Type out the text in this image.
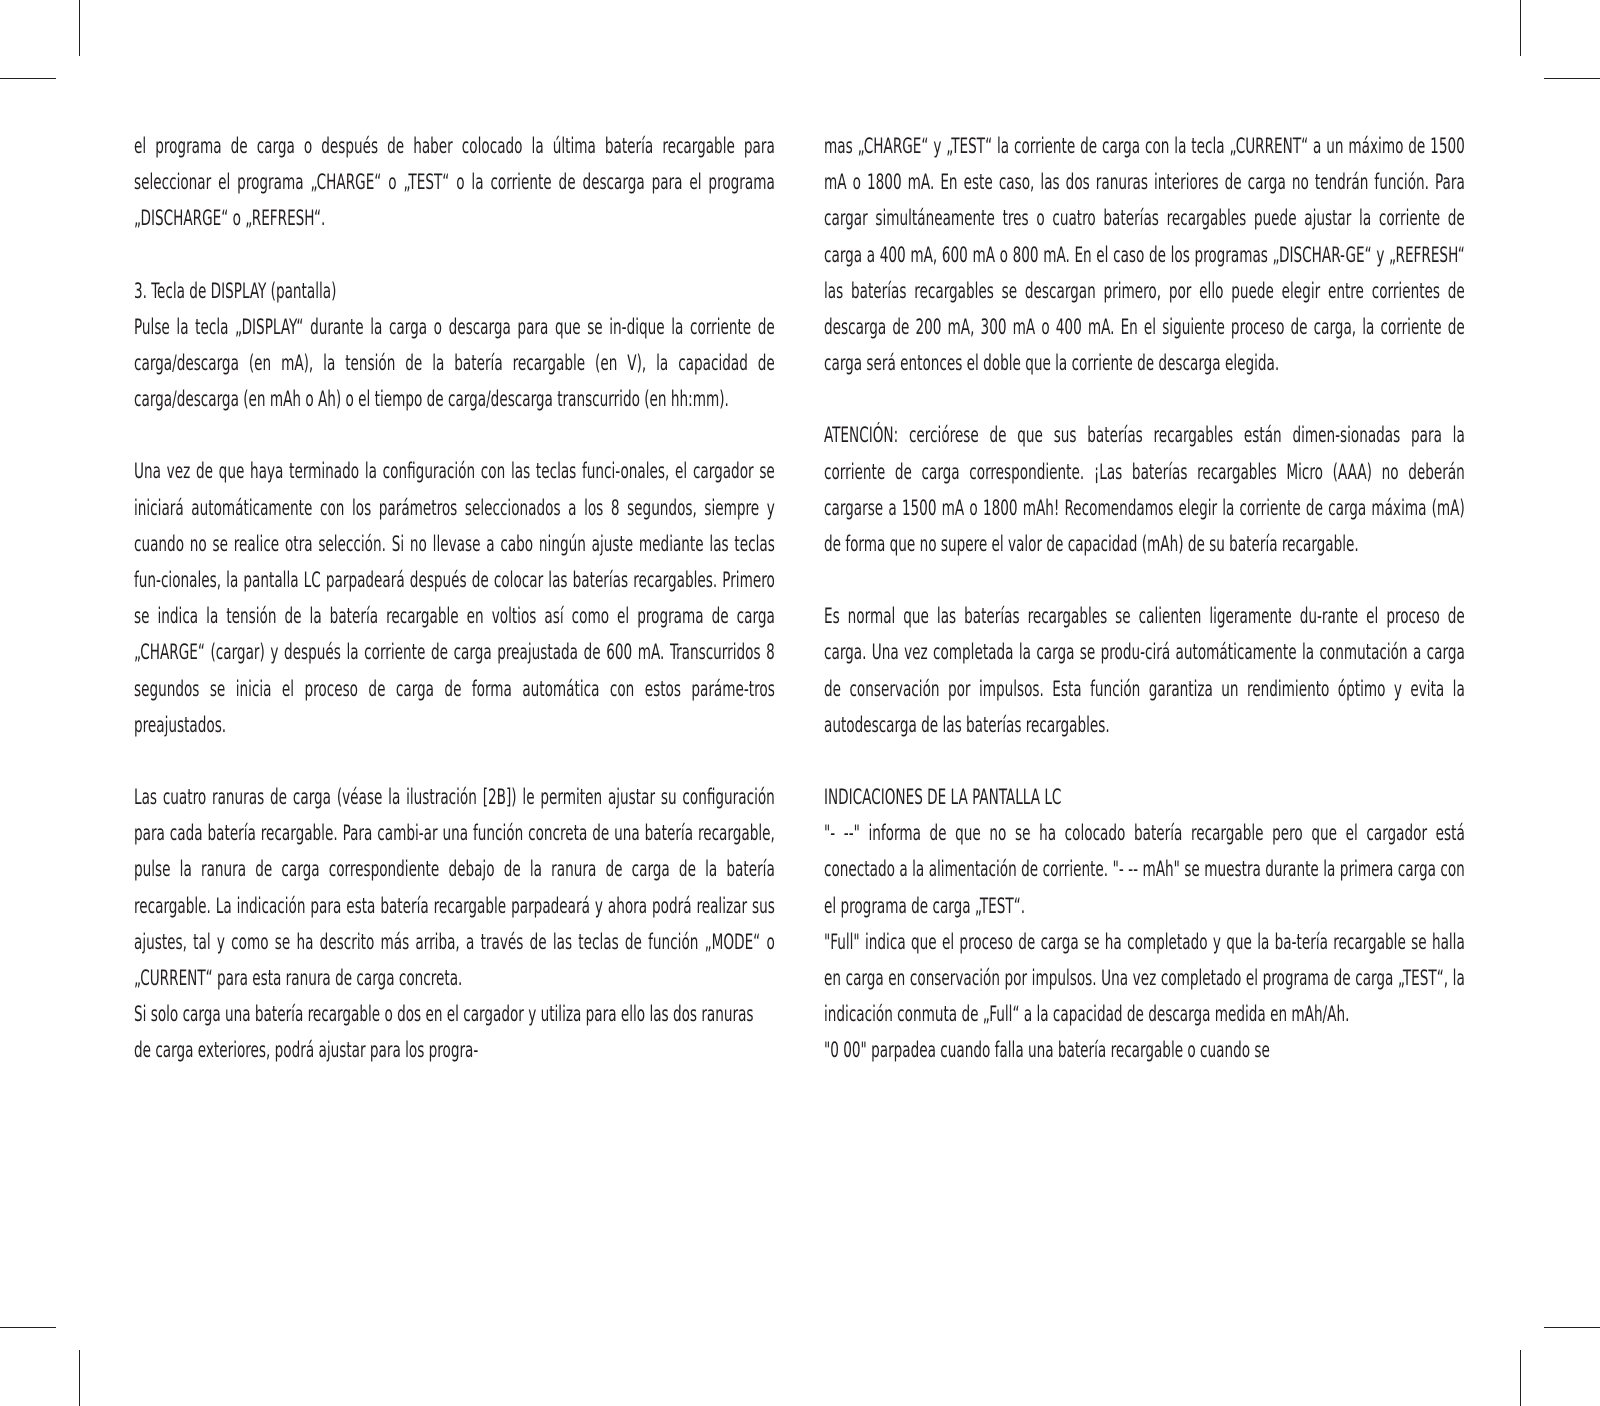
el programa de carga o después de haber colocado la última batería recargable para seleccionar el programa „CHARGE“ o „TEST“ o la corriente de descarga para el programa „DISCHARGE“ o „REFRESH“.

3. Tecla de DISPLAY (pantalla)

Pulse la tecla „DISPLAY“ durante la carga o descarga para que se in-dique la corriente de carga/descarga (en mA), la tensión de la batería recargable (en V), la capacidad de carga/descarga (en mAh o Ah) o el tiempo de carga/descarga transcurrido (en hh:mm).

Una vez de que haya terminado la configuración con las teclas funci-onales, el cargador se iniciará automáticamente con los parámetros seleccionados a los 8 segundos, siempre y cuando no se realice otra selección. Si no llevase a cabo ningún ajuste mediante las teclas fun-cionales, la pantalla LC parpadeará después de colocar las baterías recargables. Primero se indica la tensión de la batería recargable en voltios así como el programa de carga „CHARGE“ (cargar) y después la corriente de carga preajustada de 600 mA. Transcurridos 8 segundos se inicia el proceso de carga de forma automática con estos paráme-tros preajustados.

Las cuatro ranuras de carga (véase la ilustración [2B]) le permiten ajustar su configuración para cada batería recargable. Para cambi-ar una función concreta de una batería recargable, pulse la ranura de carga correspondiente debajo de la ranura de carga de la batería recargable. La indicación para esta batería recargable parpadeará y ahora podrá realizar sus ajustes, tal y como se ha descrito más arriba, a través de las teclas de función „MODE“ o „CURRENT“ para esta ranura de carga concreta.

Si solo carga una batería recargable o dos en el cargador y utiliza para ello las dos ranuras de carga exteriores, podrá ajustar para los progra-

mas „CHARGE“ y „TEST“ la corriente de carga con la tecla „CURRENT“ a un máximo de 1500 mA o 1800 mA. En este caso, las dos ranuras interiores de carga no tendrán función. Para cargar simultáneamente tres o cuatro baterías recargables puede ajustar la corriente de carga a 400 mA, 600 mA o 800 mA. En el caso de los programas „DISCHAR-GE“ y „REFRESH“ las baterías recargables se descargan primero, por ello puede elegir entre corrientes de descarga de 200 mA, 300 mA o 400 mA. En el siguiente proceso de carga, la corriente de carga será entonces el doble que la corriente de descarga elegida.

ATENCIÓN: cerciórese de que sus baterías recargables están dimen-sionadas para la corriente de carga correspondiente. ¡Las baterías recargables Micro (AAA) no deberán cargarse a 1500 mA o 1800 mAh! Recomendamos elegir la corriente de carga máxima (mA) de forma que no supere el valor de capacidad (mAh) de su batería recargable.

Es normal que las baterías recargables se calienten ligeramente du-rante el proceso de carga. Una vez completada la carga se produ-cirá automáticamente la conmutación a carga de conservación por impulsos. Esta función garantiza un rendimiento óptimo y evita la autodescarga de las baterías recargables.

INDICACIONES DE LA PANTALLA LC

"- --" informa de que no se ha colocado batería recargable pero que el cargador está conectado a la alimentación de corriente. "- -- mAh" se muestra durante la primera carga con el programa de carga „TEST“.

"Full" indica que el proceso de carga se ha completado y que la ba-tería recargable se halla en carga en conservación por impulsos. Una vez completado el programa de carga „TEST“, la indicación conmuta de „Full“ a la capacidad de descarga medida en mAh/Ah.

"0 00" parpadea cuando falla una batería recargable o cuando se
